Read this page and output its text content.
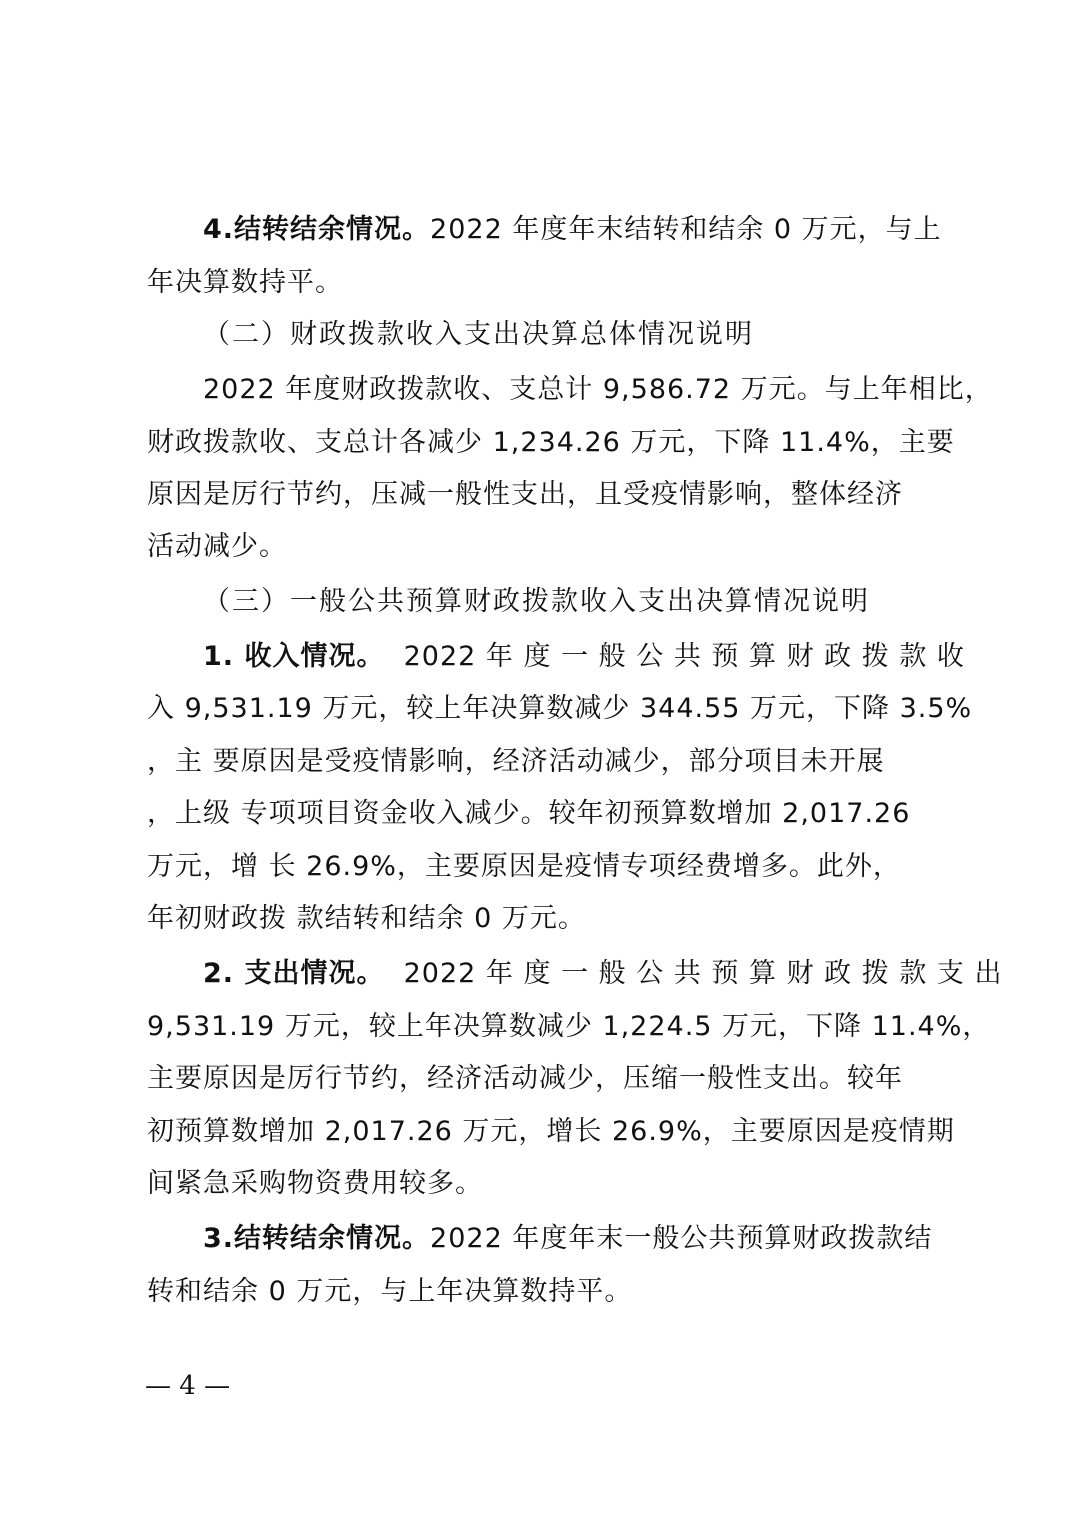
4.结转结余情况。2022 年度年末结转和结余 0 万元，与上
年决算数持平。
（二）财政拨款收入支出决算总体情况说明
2022 年度财政拨款收、支总计 9,586.72 万元。与上年相比，
财政拨款收、支总计各减少 1,234.26 万元，下降 11.4%，主要
原因是厉行节约，压减一般性支出，且受疫情影响，整体经济
活动减少。
（三）一般公共预算财政拨款收入支出决算情况说明
1. 收入情况。 2022 年 度 一 般 公 共 预 算 财 政 拨 款 收
入 9,531.19 万元，较上年决算数减少 344.55 万元，下降 3.5%
，主 要原因是受疫情影响，经济活动减少，部分项目未开展
，上级 专项项目资金收入减少。较年初预算数增加 2,017.26
万元，增 长 26.9%，主要原因是疫情专项经费增多。此外，
年初财政拨 款结转和结余 0 万元。
2. 支出情况。 2022 年 度 一 般 公 共 预 算 财 政 拨 款 支 出
9,531.19 万元，较上年决算数减少 1,224.5 万元，下降 11.4%，
主要原因是厉行节约，经济活动减少，压缩一般性支出。较年
初预算数增加 2,017.26 万元，增长 26.9%，主要原因是疫情期
间紧急采购物资费用较多。
3.结转结余情况。2022 年度年末一般公共预算财政拨款结
转和结余 0 万元，与上年决算数持平。
— 4 —
